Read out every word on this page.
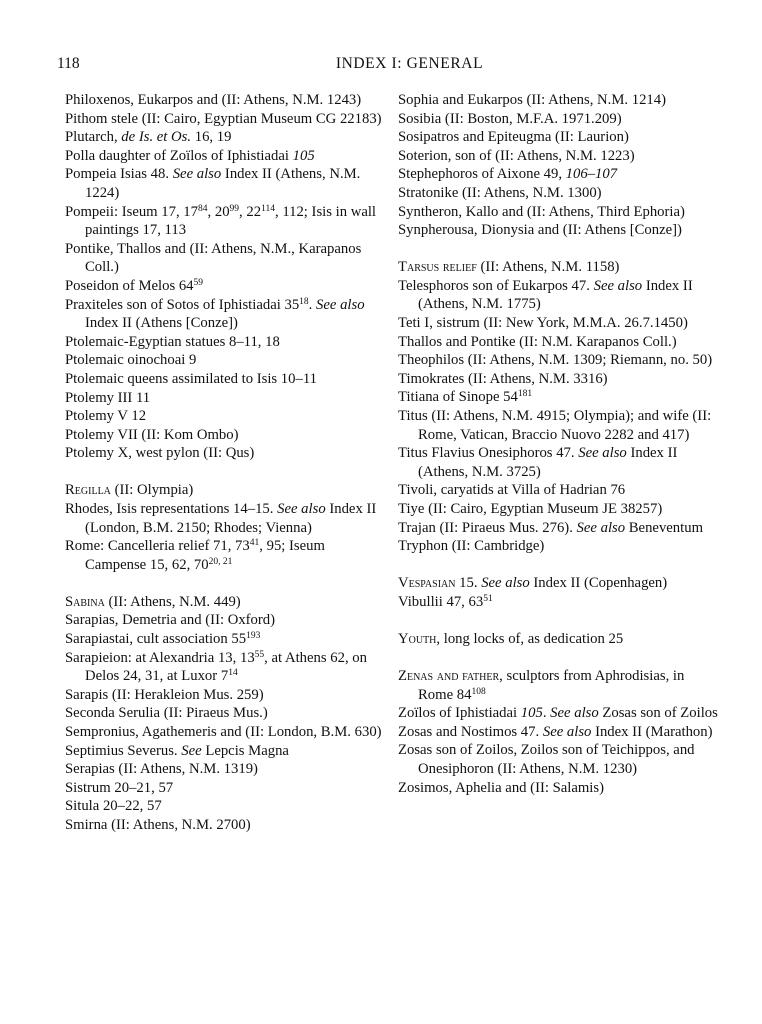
118	INDEX I: GENERAL

Philoxenos, Eukarpos and (II: Athens, N.M. 1243)

Pithom stele (II: Cairo, Egyptian Museum CG 22183)

Plutarch, de Is. et Os. 16, 19

Polla daughter of Zoïlos of Iphistiadai 105

Pompeia Isias 48. See also Index II (Athens, N.M. 1224)

Pompeii: Iseum 17, $17^{84}$, $20^{99}$, $22^{114}$, 112; Isis in wall paintings 17, 113

Pontike, Thallos and (II: Athens, N.M., Karapanos Coll.)

Poseidon of Melos $64^{59}$

Praxiteles son of Sotos of Iphistiadai $35^{18}$. See also Index II (Athens [Conze])

Ptolemaic-Egyptian statues 8–11, 18

Ptolemaic oinochoai 9

Ptolemaic queens assimilated to Isis 10–11

Ptolemy III 11

Ptolemy V 12

Ptolemy VII (II: Kom Ombo)

Ptolemy X, west pylon (II: Qus)

Regilla (II: Olympia)

Rhodes, Isis representations 14–15. See also Index II (London, B.M. 2150; Rhodes; Vienna)

Rome: Cancelleria relief 71, $73^{41}$, 95; Iseum Campense 15, 62, 70$^{20, 21}$

Sabina (II: Athens, N.M. 449)

Sarapias, Demetria and (II: Oxford)

Sarapiastai, cult association $55^{193}$

Sarapieion: at Alexandria 13, $13^{55}$, at Athens 62, on Delos 24, 31, at Luxor $7^{14}$

Sarapis (II: Herakleion Mus. 259)

Seconda Serulia (II: Piraeus Mus.)

Sempronius, Agathemeris and (II: London, B.M. 630)

Septimius Severus. See Lepcis Magna

Serapias (II: Athens, N.M. 1319)

Sistrum 20–21, 57

Situla 20–22, 57

Smirna (II: Athens, N.M. 2700)

Sophia and Eukarpos (II: Athens, N.M. 1214)

Sosibia (II: Boston, M.F.A. 1971.209)

Sosipatros and Epiteugma (II: Laurion)

Soterion, son of (II: Athens, N.M. 1223)

Stephephoros of Aixone 49, 106–107

Stratonike (II: Athens, N.M. 1300)

Syntheron, Kallo and (II: Athens, Third Ephoria)

Synpherousa, Dionysia and (II: Athens [Conze])

Tarsus relief (II: Athens, N.M. 1158)

Telesphoros son of Eukarpos 47. See also Index II (Athens, N.M. 1775)

Teti I, sistrum (II: New York, M.M.A. 26.7.1450)

Thallos and Pontike (II: N.M. Karapanos Coll.)

Theophilos (II: Athens, N.M. 1309; Riemann, no. 50)

Timokrates (II: Athens, N.M. 3316)

Titiana of Sinope $54^{181}$

Titus (II: Athens, N.M. 4915; Olympia); and wife (II: Rome, Vatican, Braccio Nuovo 2282 and 417)

Titus Flavius Onesiphoros 47. See also Index II (Athens, N.M. 3725)

Tivoli, caryatids at Villa of Hadrian 76

Tiye (II: Cairo, Egyptian Museum JE 38257)

Trajan (II: Piraeus Mus. 276). See also Beneventum

Tryphon (II: Cambridge)

Vespasian 15. See also Index II (Copenhagen)

Vibullii 47, $63^{51}$

Youth, long locks of, as dedication 25

Zenas and father, sculptors from Aphrodisias, in Rome $84^{108}$

Zoïlos of Iphistiadai 105. See also Zosas son of Zoilos

Zosas and Nostimos 47. See also Index II (Marathon)

Zosas son of Zoilos, Zoilos son of Teichippos, and Onesiphoron (II: Athens, N.M. 1230)

Zosimos, Aphelia and (II: Salamis)
